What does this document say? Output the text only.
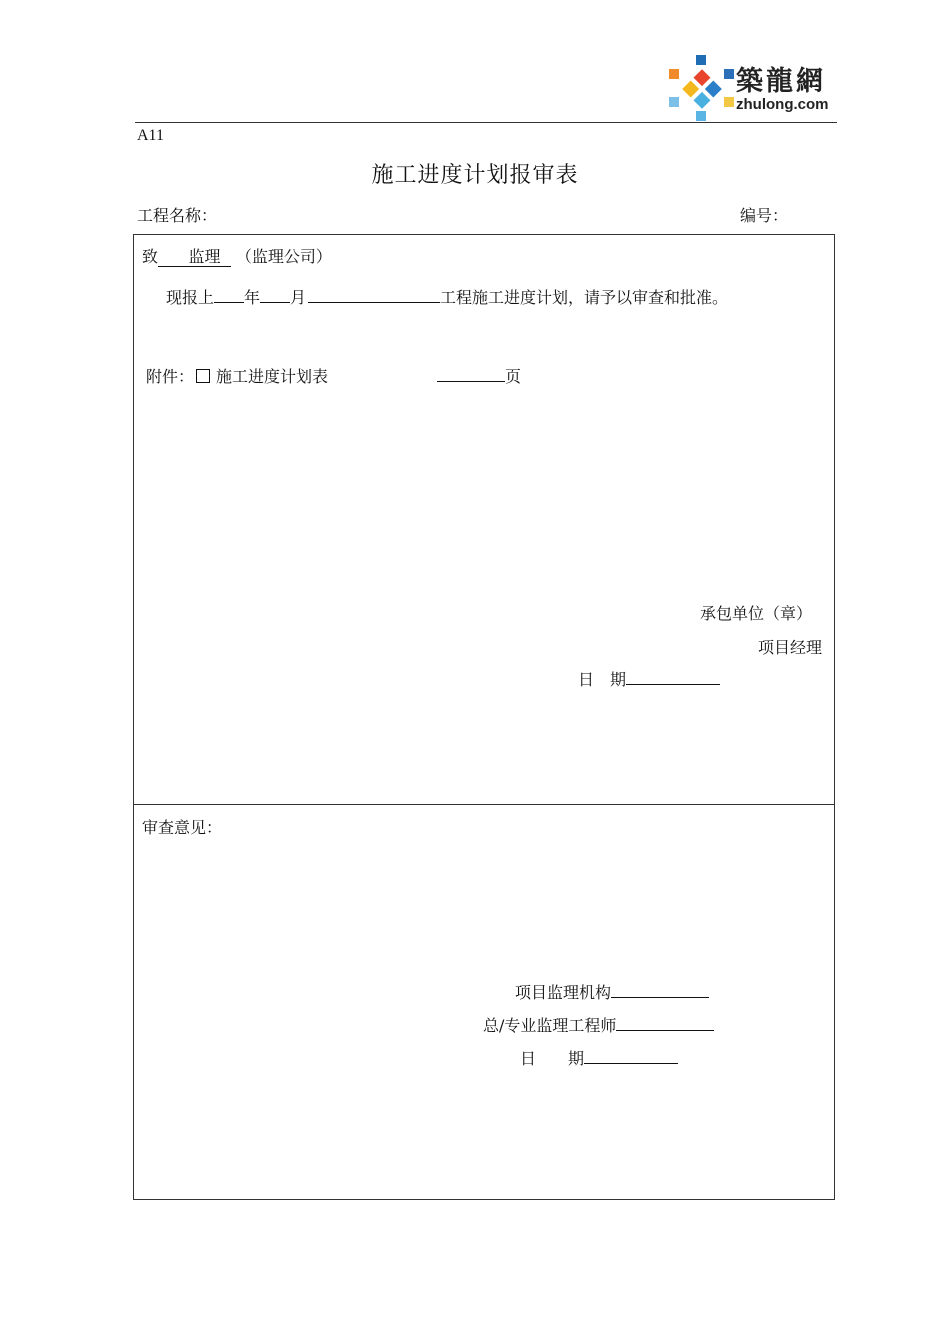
築龍網
zhulong.com
A11
施工进度计划报审表
工程名称：	编号：
致 监理 （监理公司）
现报上 年 月	工程施工进度计划，请予以审查和批准。
附件： 施工进度计划表	页
承包单位（章）
项目经理
日　期
审查意见：
项目监理机构
总/专业监理工程师
日　　期
